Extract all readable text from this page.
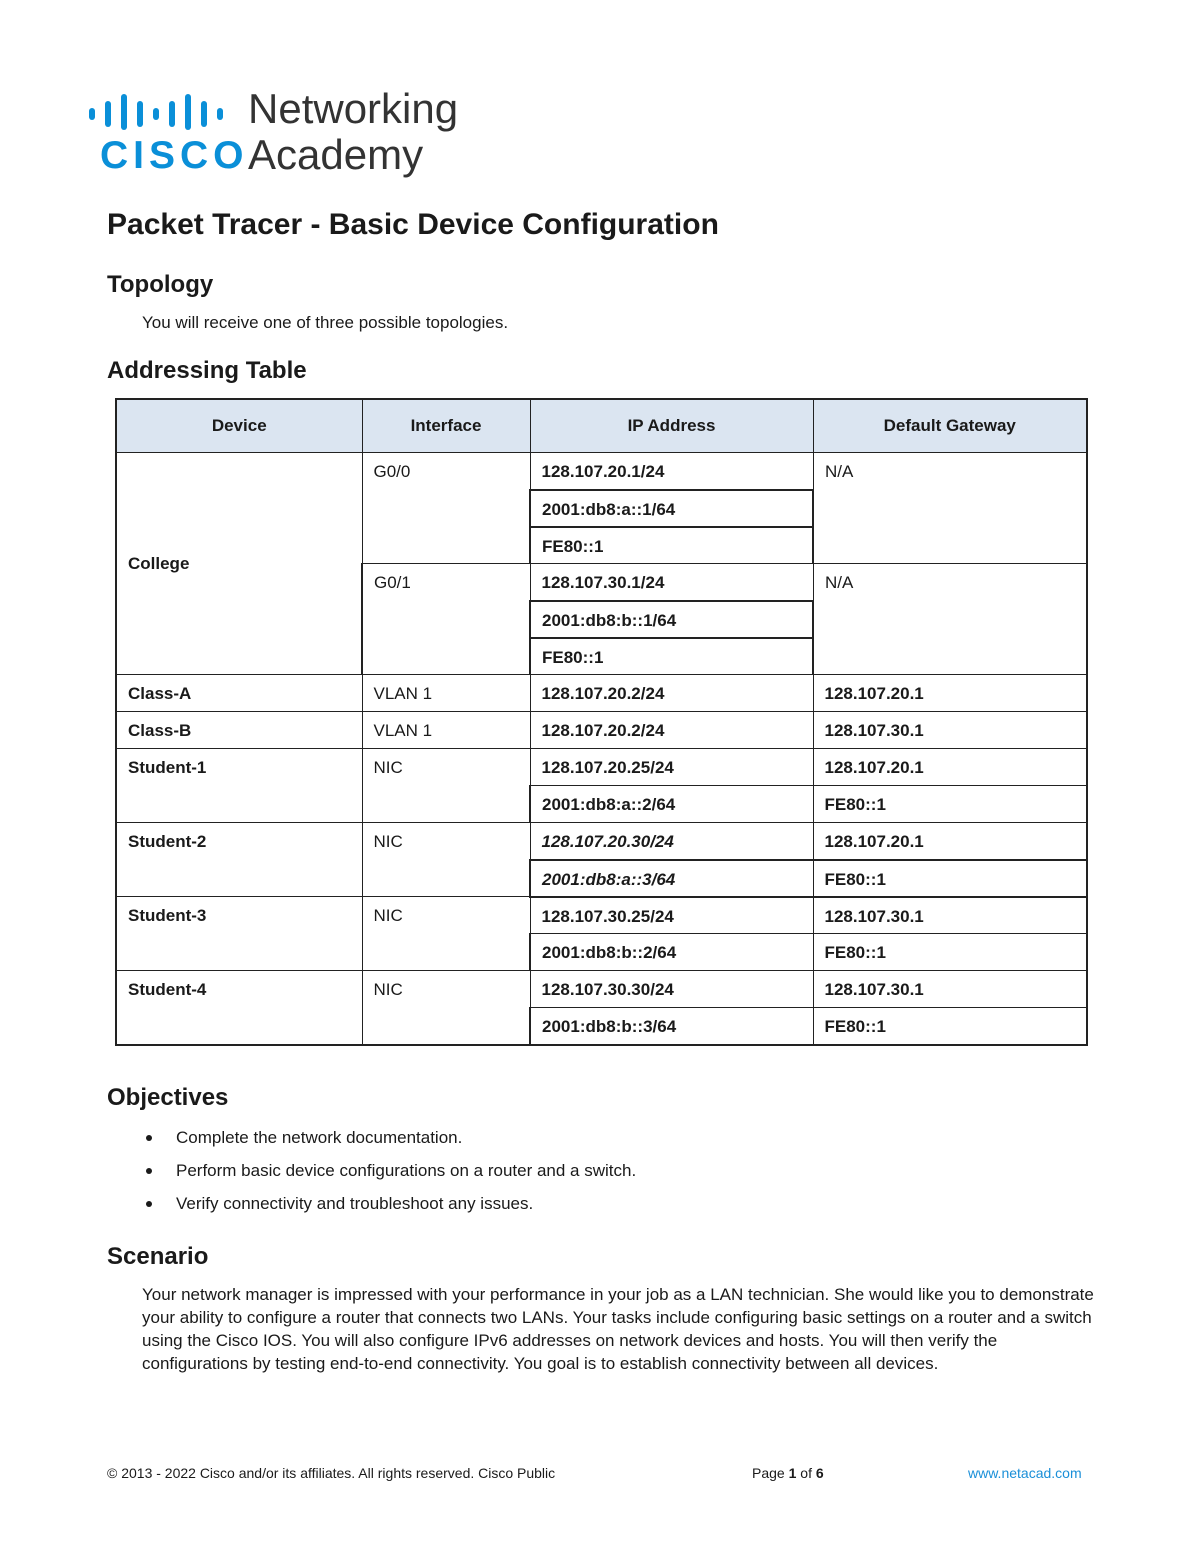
CISCO
Networking
Academy
Packet Tracer - Basic Device Configuration
Topology

You will receive one of three possible topologies.

Addressing Table
Device	Interface	IP Address	Default Gateway
College	G0/0	128.107.20.1/24	N/A
		2001:db8:a::1/64	
		FE80::1	
	G0/1	128.107.30.1/24	N/A
		2001:db8:b::1/64	
		FE80::1	
Class-A	VLAN 1	128.107.20.2/24	128.107.20.1
Class-B	VLAN 1	128.107.20.2/24	128.107.30.1
Student-1	NIC	128.107.20.25/24	128.107.20.1
		2001:db8:a::2/64	FE80::1
Student-2	NIC	128.107.20.30/24	128.107.20.1
		2001:db8:a::3/64	FE80::1
Student-3	NIC	128.107.30.25/24	128.107.30.1
		2001:db8:b::2/64	FE80::1
Student-4	NIC	128.107.30.30/24	128.107.30.1
		2001:db8:b::3/64	FE80::1
Objectives
Complete the network documentation.
Perform basic device configurations on a router and a switch.
Verify connectivity and troubleshoot any issues.
Scenario

Your network manager is impressed with your performance in your job as a LAN technician. She would like you to demonstrate your ability to configure a router that connects two LANs. Your tasks include configuring basic settings on a router and a switch using the Cisco IOS. You will also configure IPv6 addresses on network devices and hosts. You will then verify the configurations by testing end-to-end connectivity. You goal is to establish connectivity between all devices.

© 2013 - 2022 Cisco and/or its affiliates. All rights reserved. Cisco Public	Page 1 of 6	www.netacad.com
